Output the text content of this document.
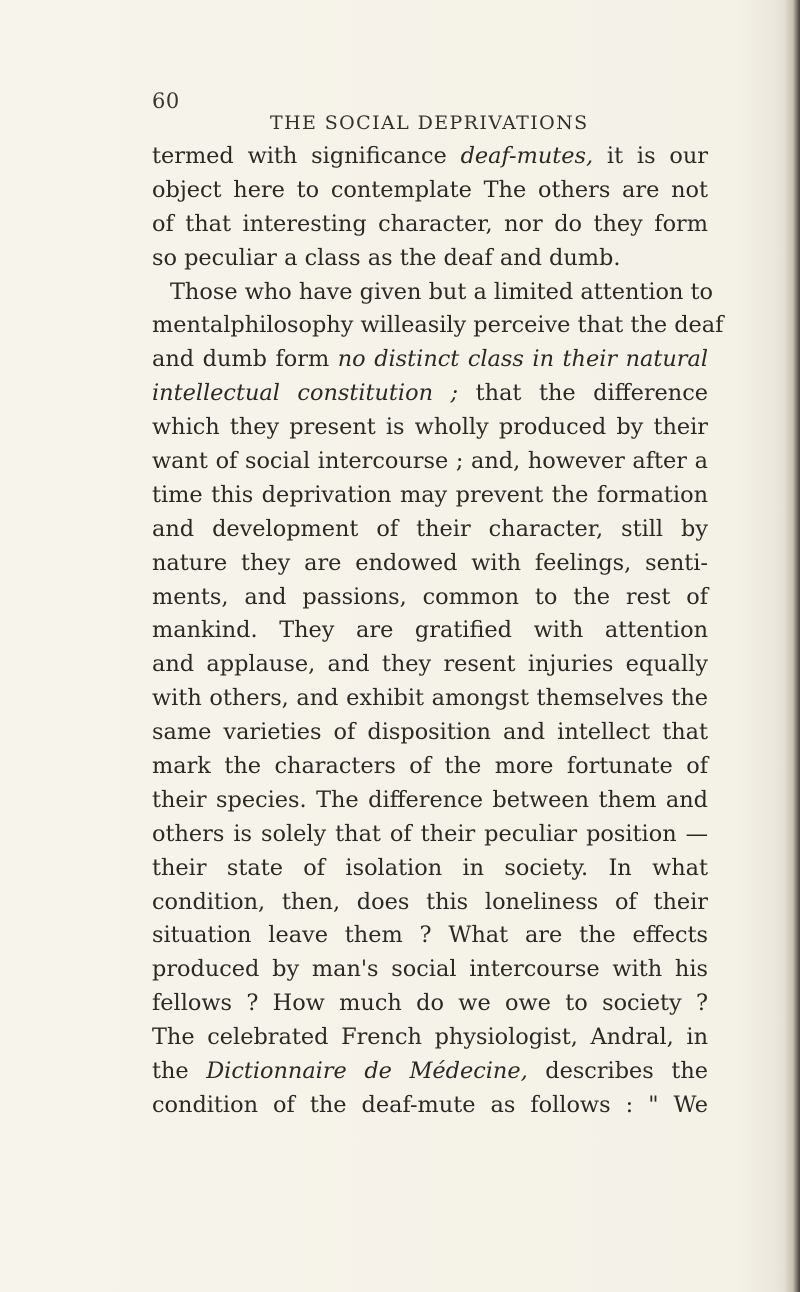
60
THE SOCIAL DEPRIVATIONS
termed with significance deaf-mutes, it is our
object here to contemplate The others are not
of that interesting character, nor do they form
so peculiar a class as the deaf and dumb.
Those who have given but a limited attention to
mentalphilosophy willeasily perceive that the deaf
and dumb form no distinct class in their natural
intellectual constitution ; that the difference
which they present is wholly produced by their
want of social intercourse ; and, however after a
time this deprivation may prevent the formation
and development of their character, still by
nature they are endowed with feelings, senti-
ments, and passions, common to the rest of
mankind. They are gratified with attention
and applause, and they resent injuries equally
with others, and exhibit amongst themselves the
same varieties of disposition and intellect that
mark the characters of the more fortunate of
their species. The difference between them and
others is solely that of their peculiar position —
their state of isolation in society. In what
condition, then, does this loneliness of their
situation leave them ? What are the effects
produced by man's social intercourse with his
fellows ? How much do we owe to society ?
The celebrated French physiologist, Andral, in
the Dictionnaire de Médecine, describes the
condition of the deaf-mute as follows : " We
